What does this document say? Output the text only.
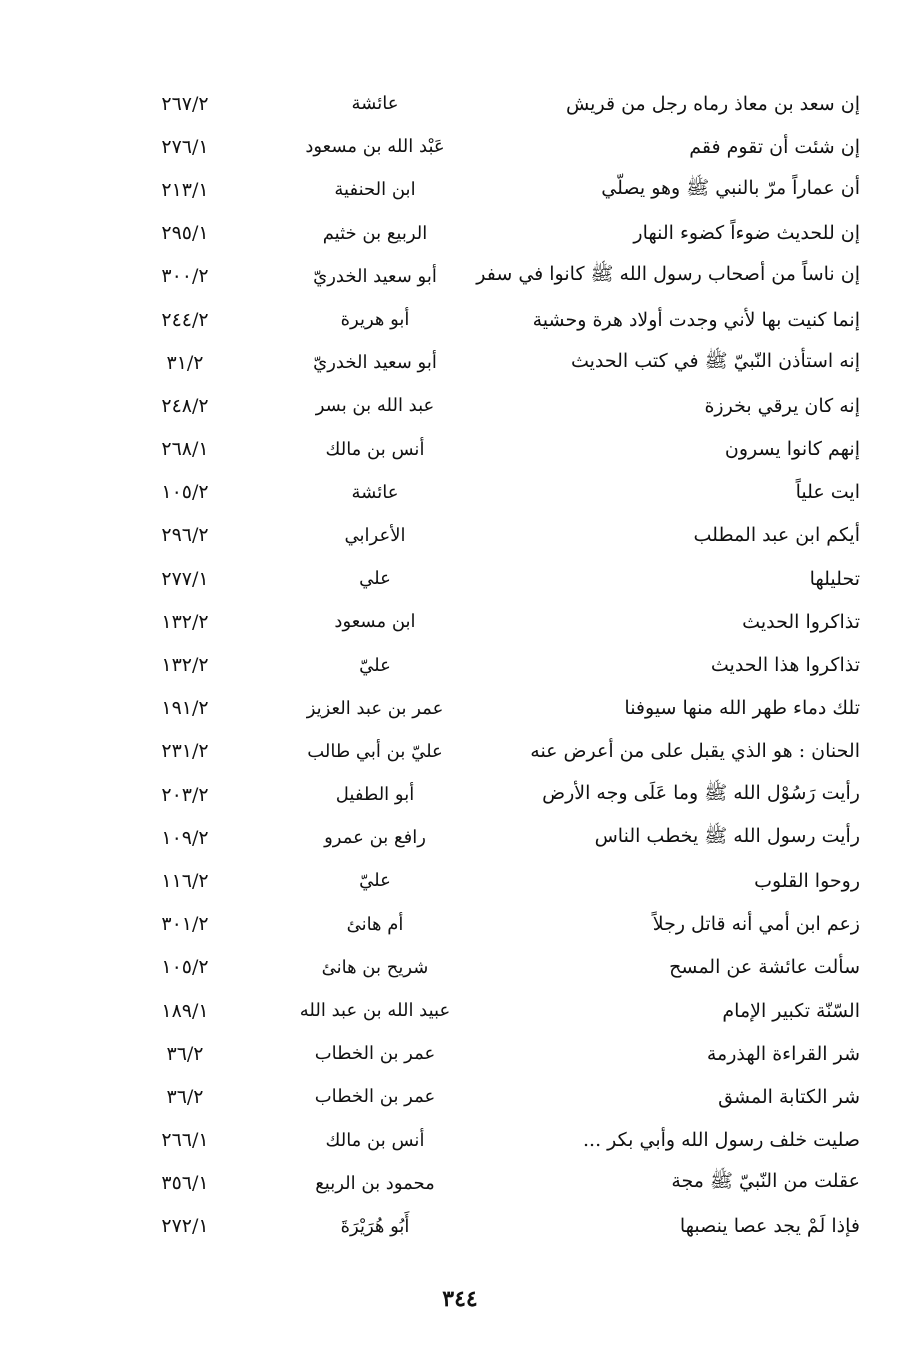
إن سعد بن معاذ رماه رجل من قريش
عائشة
٢٦٧/٢
إن شئت أن تقوم فقم
عَبْد الله بن مسعود
٢٧٦/١
أن عماراً مرّ بالنبي ﷺ وهو يصلّي
ابن الحنفية
٢١٣/١
إن للحديث ضوءاً كضوء النهار
الربيع بن خثيم
٢٩٥/١
إن ناساً من أصحاب رسول الله ﷺ كانوا في سفر
أبو سعيد الخدريّ
٣٠٠/٢
إنما كنيت بها لأني وجدت أولاد هرة وحشية
أبو هريرة
٢٤٤/٢
إنه استأذن النّبيّ ﷺ في كتب الحديث
أبو سعيد الخدريّ
٣١/٢
إنه كان يرقي بخرزة
عبد الله بن بسر
٢٤٨/٢
إنهم كانوا يسرون
أنس بن مالك
٢٦٨/١
ايت علياً
عائشة
١٠٥/٢
أيكم ابن عبد المطلب
الأعرابي
٢٩٦/٢
تحليلها
علي
٢٧٧/١
تذاكروا الحديث
ابن مسعود
١٣٢/٢
تذاكروا هذا الحديث
عليّ
١٣٢/٢
تلك دماء طهر الله منها سيوفنا
عمر بن عبد العزيز
١٩١/٢
الحنان : هو الذي يقبل على من أعرض عنه
عليّ بن أبي طالب
٢٣١/٢
رأيت رَسُوْل الله ﷺ وما عَلَى وجه الأرض
أبو الطفيل
٢٠٣/٢
رأيت رسول الله ﷺ يخطب الناس
رافع بن عمرو
١٠٩/٢
روحوا القلوب
عليّ
١١٦/٢
زعم ابن أمي أنه قاتل رجلاً
أم هانئ
٣٠١/٢
سألت عائشة عن المسح
شريح بن هانئ
١٠٥/٢
السّنّة تكبير الإمام
عبيد الله بن عبد الله
١٨٩/١
شر القراءة الهذرمة
عمر بن الخطاب
٣٦/٢
شر الكتابة المشق
عمر بن الخطاب
٣٦/٢
صليت خلف رسول الله وأبي بكر ...
أنس بن مالك
٢٦٦/١
عقلت من النّبيّ ﷺ مجة
محمود بن الربيع
٣٥٦/١
فإذا لَمْ يجد عصا ينصبها
أَبُو هُرَيْرَةَ
٢٧٢/١
٣٤٤
